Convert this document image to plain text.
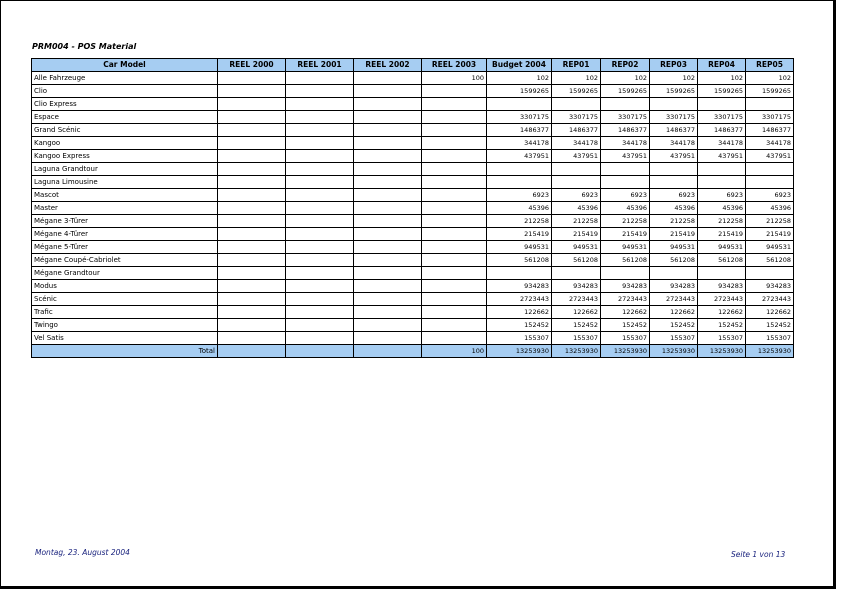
PRM004 - POS Material
Car Model	REEL 2000	REEL 2001	REEL 2002	REEL 2003	Budget 2004	REP01	REP02	REP03	REP04	REP05
Alle Fahrzeuge				100	102	102	102	102	102	102
Clio					1599265	1599265	1599265	1599265	1599265	1599265
Clio Express										
Espace					3307175	3307175	3307175	3307175	3307175	3307175
Grand Scénic					1486377	1486377	1486377	1486377	1486377	1486377
Kangoo					344178	344178	344178	344178	344178	344178
Kangoo Express					437951	437951	437951	437951	437951	437951
Laguna Grandtour										
Laguna Limousine										
Mascot					6923	6923	6923	6923	6923	6923
Master					45396	45396	45396	45396	45396	45396
Mégane 3-Türer					212258	212258	212258	212258	212258	212258
Mégane 4-Türer					215419	215419	215419	215419	215419	215419
Mégane 5-Türer					949531	949531	949531	949531	949531	949531
Mégane Coupé-Cabriolet					561208	561208	561208	561208	561208	561208
Mégane Grandtour										
Modus					934283	934283	934283	934283	934283	934283
Scénic					2723443	2723443	2723443	2723443	2723443	2723443
Trafic					122662	122662	122662	122662	122662	122662
Twingo					152452	152452	152452	152452	152452	152452
Vel Satis					155307	155307	155307	155307	155307	155307
Total				100	13253930	13253930	13253930	13253930	13253930	13253930
Montag, 23. August 2004	Seite 1 von 13
